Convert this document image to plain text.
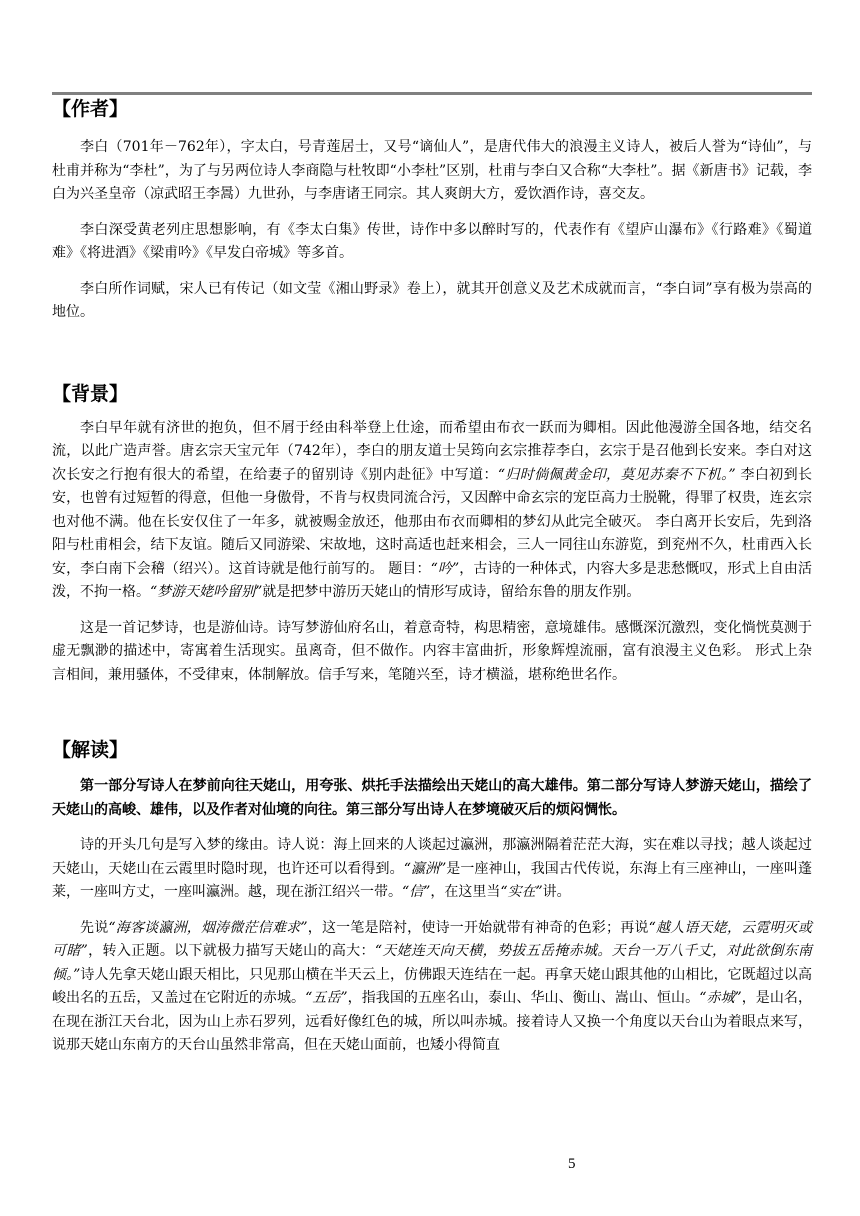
【作者】

李白（701年－762年），字太白，号青莲居士，又号“谪仙人”，是唐代伟大的浪漫主义诗人，被后人誉为“诗仙”，与杜甫并称为“李杜”，为了与另两位诗人李商隐与杜牧即“小李杜”区别，杜甫与李白又合称“大李杜”。据《新唐书》记载，李白为兴圣皇帝（凉武昭王李暠）九世孙，与李唐诸王同宗。其人爽朗大方，爱饮酒作诗，喜交友。

李白深受黄老列庄思想影响，有《李太白集》传世，诗作中多以醉时写的，代表作有《望庐山瀑布》《行路难》《蜀道难》《将进酒》《梁甫吟》《早发白帝城》等多首。

李白所作词赋，宋人已有传记（如文莹《湘山野录》卷上），就其开创意义及艺术成就而言，“李白词”享有极为崇高的地位。

【背景】

李白早年就有济世的抱负，但不屑于经由科举登上仕途，而希望由布衣一跃而为卿相。因此他漫游全国各地，结交名流，以此广造声誉。唐玄宗天宝元年（742年），李白的朋友道士吴筠向玄宗推荐李白，玄宗于是召他到长安来。李白对这次长安之行抱有很大的希望，在给妻子的留别诗《别内赴征》中写道：“归时倘佩黄金印，莫见苏秦不下机。” 李白初到长安，也曾有过短暂的得意，但他一身傲骨，不肯与权贵同流合污，又因醉中命玄宗的宠臣高力士脱靴，得罪了权贵，连玄宗也对他不满。他在长安仅住了一年多，就被赐金放还，他那由布衣而卿相的梦幻从此完全破灭。 李白离开长安后，先到洛阳与杜甫相会，结下友谊。随后又同游梁、宋故地，这时高适也赶来相会，三人一同往山东游览，到兖州不久，杜甫西入长安，李白南下会稽（绍兴）。这首诗就是他行前写的。 题目：“吟”，古诗的一种体式，内容大多是悲愁慨叹，形式上自由活泼，不拘一格。“梦游天姥吟留别”就是把梦中游历天姥山的情形写成诗，留给东鲁的朋友作别。

这是一首记梦诗，也是游仙诗。诗写梦游仙府名山，着意奇特，构思精密，意境雄伟。感慨深沉激烈，变化惝恍莫测于虚无飘渺的描述中，寄寓着生活现实。虽离奇，但不做作。内容丰富曲折，形象辉煌流丽，富有浪漫主义色彩。 形式上杂言相间，兼用骚体，不受律束，体制解放。信手写来，笔随兴至，诗才横溢，堪称绝世名作。

【解读】

第一部分写诗人在梦前向往天姥山，用夸张、烘托手法描绘出天姥山的高大雄伟。第二部分写诗人梦游天姥山，描绘了天姥山的高峻、雄伟，以及作者对仙境的向往。第三部分写出诗人在梦境破灭后的烦闷惆怅。

诗的开头几句是写入梦的缘由。诗人说：海上回来的人谈起过瀛洲，那瀛洲隔着茫茫大海，实在难以寻找；越人谈起过天姥山，天姥山在云霞里时隐时现，也许还可以看得到。“瀛洲”是一座神山，我国古代传说，东海上有三座神山，一座叫蓬莱，一座叫方丈，一座叫瀛洲。越，现在浙江绍兴一带。“信”，在这里当“实在”讲。

先说“海客谈瀛洲，烟涛微茫信难求”，这一笔是陪衬，使诗一开始就带有神奇的色彩；再说“越人语天姥，云霓明灭或可睹”，转入正题。以下就极力描写天姥山的高大：“天姥连天向天横，势拔五岳掩赤城。天台一万八千丈，对此欲倒东南倾。”诗人先拿天姥山跟天相比，只见那山横在半天云上，仿佛跟天连结在一起。再拿天姥山跟其他的山相比，它既超过以高峻出名的五岳，又盖过在它附近的赤城。“五岳”，指我国的五座名山，泰山、华山、衡山、嵩山、恒山。“赤城”，是山名，在现在浙江天台北，因为山上赤石罗列，远看好像红色的城，所以叫赤城。接着诗人又换一个角度以天台山为着眼点来写，说那天姥山东南方的天台山虽然非常高，但在天姥山面前，也矮小得简直

5
